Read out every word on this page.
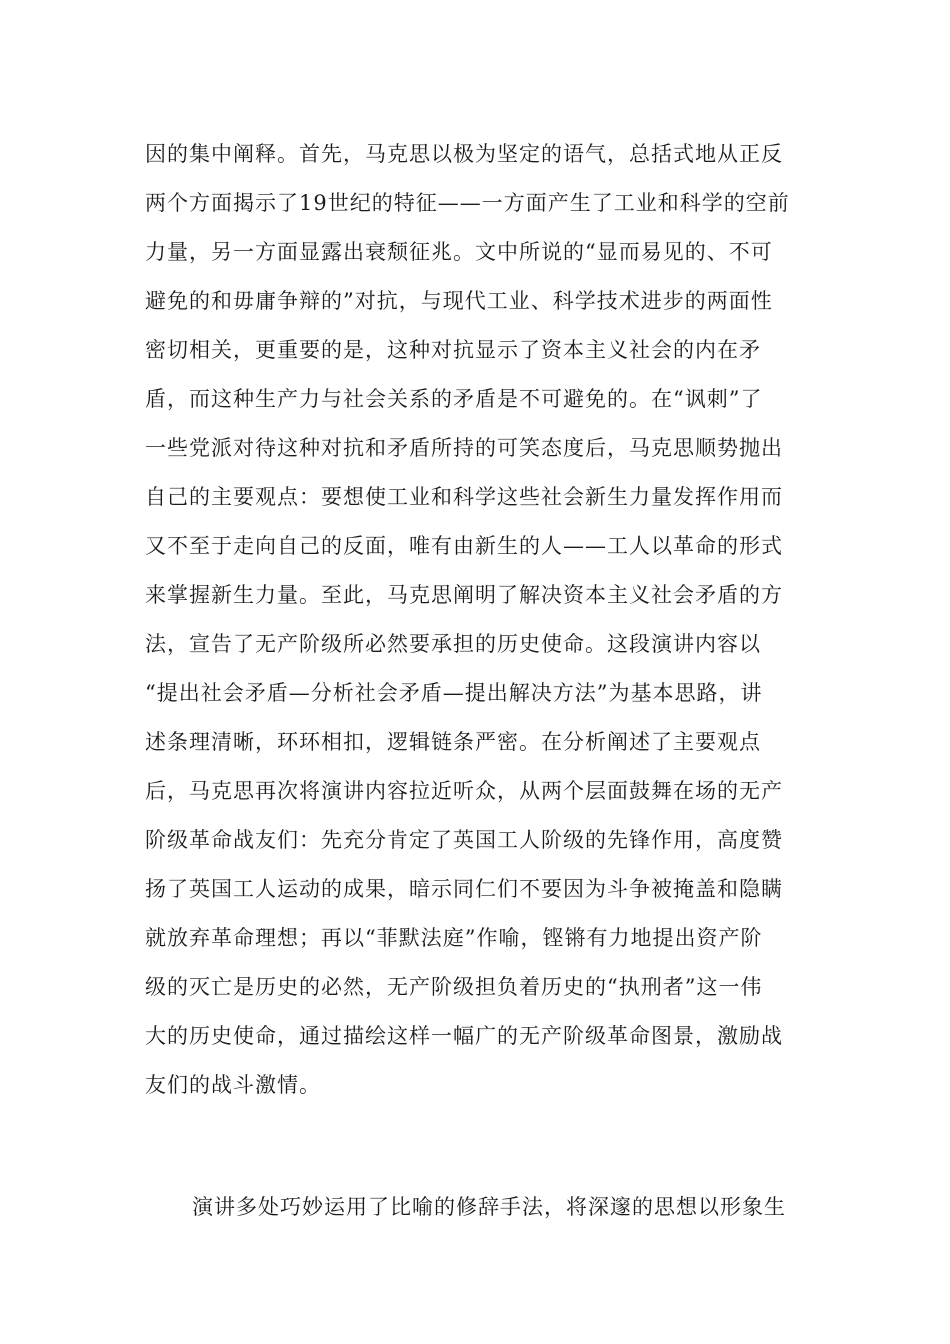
因的集中阐释。首先，马克思以极为坚定的语气，总括式地从正反
两个方面揭示了19世纪的特征——一方面产生了工业和科学的空前
力量，另一方面显露出衰颓征兆。文中所说的“显而易见的、不可
避免的和毋庸争辩的”对抗，与现代工业、科学技术进步的两面性
密切相关，更重要的是，这种对抗显示了资本主义社会的内在矛
盾，而这种生产力与社会关系的矛盾是不可避免的。在“讽刺”了
一些党派对待这种对抗和矛盾所持的可笑态度后，马克思顺势抛出
自己的主要观点：要想使工业和科学这些社会新生力量发挥作用而
又不至于走向自己的反面，唯有由新生的人——工人以革命的形式
来掌握新生力量。至此，马克思阐明了解决资本主义社会矛盾的方
法，宣告了无产阶级所必然要承担的历史使命。这段演讲内容以
“提出社会矛盾—分析社会矛盾—提出解决方法”为基本思路，讲
述条理清晰，环环相扣，逻辑链条严密。在分析阐述了主要观点
后，马克思再次将演讲内容拉近听众，从两个层面鼓舞在场的无产
阶级革命战友们：先充分肯定了英国工人阶级的先锋作用，高度赞
扬了英国工人运动的成果，暗示同仁们不要因为斗争被掩盖和隐瞒
就放弃革命理想；再以“菲默法庭”作喻，铿锵有力地提出资产阶
级的灭亡是历史的必然，无产阶级担负着历史的“执刑者”这一伟
大的历史使命，通过描绘这样一幅广的无产阶级革命图景，激励战
友们的战斗激情。
演讲多处巧妙运用了比喻的修辞手法，将深邃的思想以形象生
